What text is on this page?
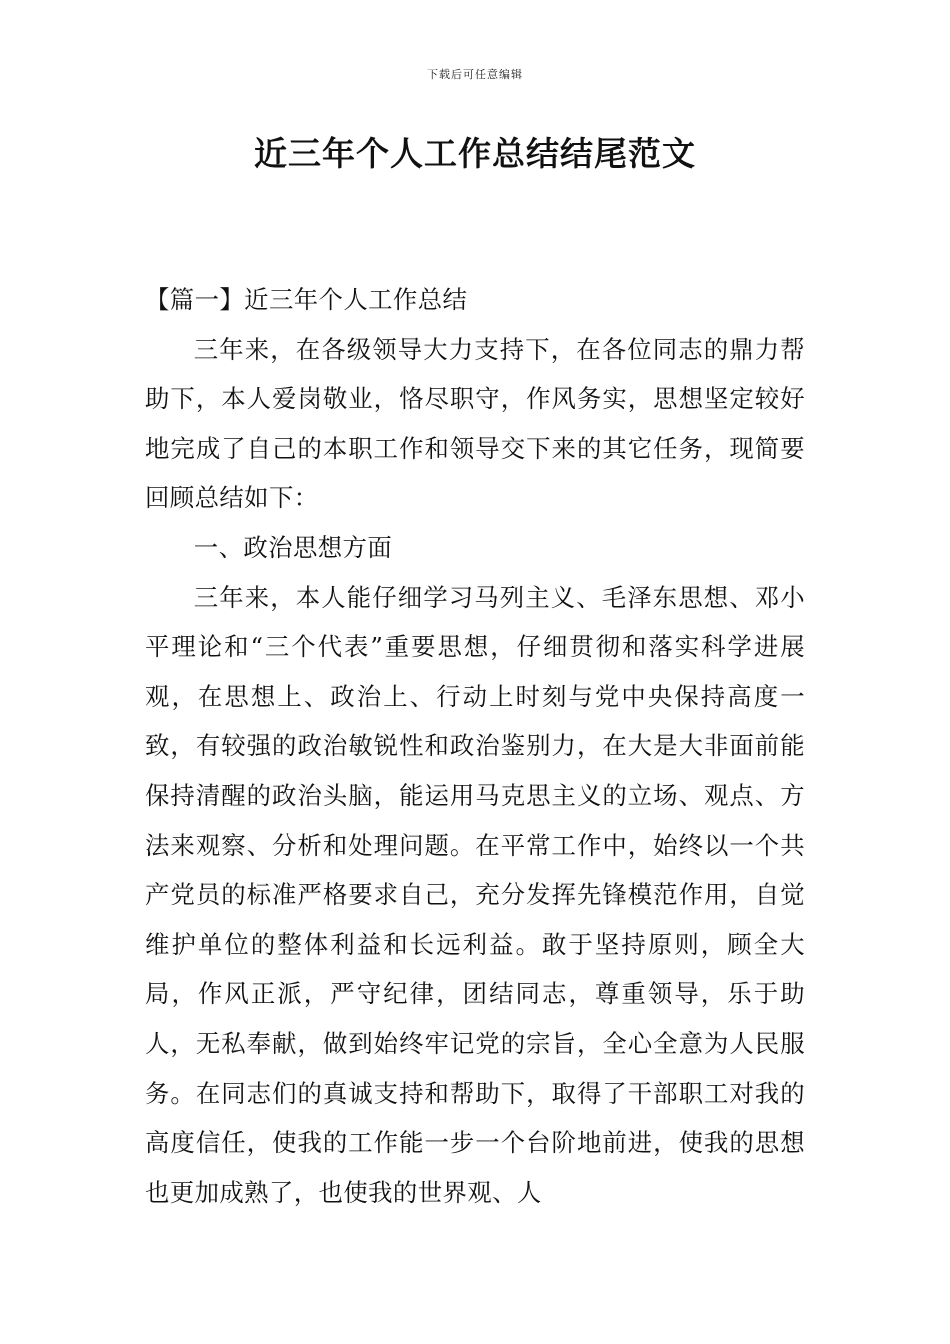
下载后可任意编辑
近三年个人工作总结结尾范文

【篇一】近三年个人工作总结

三年来，在各级领导大力支持下，在各位同志的鼎力帮助下，本人爱岗敬业，恪尽职守，作风务实，思想坚定较好地完成了自己的本职工作和领导交下来的其它任务，现简要回顾总结如下：

一、政治思想方面

三年来，本人能仔细学习马列主义、毛泽东思想、邓小平理论和“三个代表”重要思想，仔细贯彻和落实科学进展观，在思想上、政治上、行动上时刻与党中央保持高度一致，有较强的政治敏锐性和政治鉴别力，在大是大非面前能保持清醒的政治头脑，能运用马克思主义的立场、观点、方法来观察、分析和处理问题。在平常工作中，始终以一个共产党员的标准严格要求自己，充分发挥先锋模范作用，自觉维护单位的整体利益和长远利益。敢于坚持原则，顾全大局，作风正派，严守纪律，团结同志，尊重领导，乐于助人，无私奉献，做到始终牢记党的宗旨，全心全意为人民服务。在同志们的真诚支持和帮助下，取得了干部职工对我的高度信任，使我的工作能一步一个台阶地前进，使我的思想也更加成熟了，也使我的世界观、人
